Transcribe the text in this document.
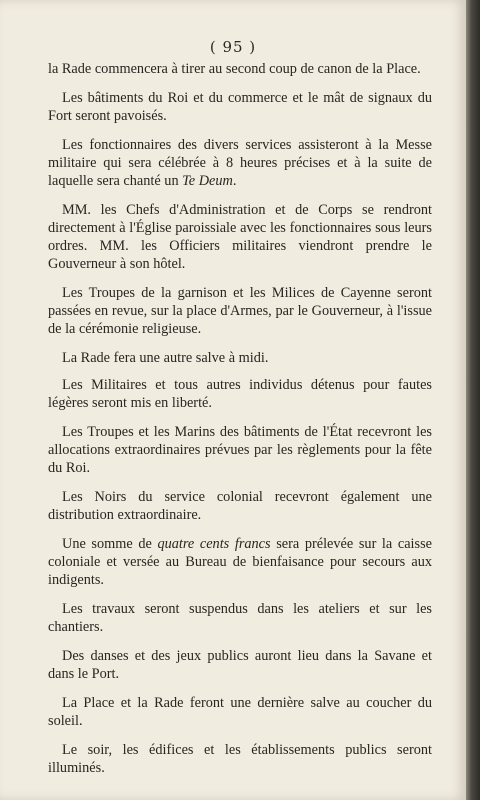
( 95 )

la Rade commencera à tirer au second coup de canon de la Place.

Les bâtiments du Roi et du commerce et le mât de signaux du Fort seront pavoisés.

Les fonctionnaires des divers services assisteront à la Messe militaire qui sera célébrée à 8 heures précises et à la suite de laquelle sera chanté un Te Deum.

MM. les Chefs d'Administration et de Corps se rendront directement à l'Église paroissiale avec les fonctionnaires sous leurs ordres. MM. les Officiers militaires viendront prendre le Gouverneur à son hôtel.

Les Troupes de la garnison et les Milices de Cayenne seront passées en revue, sur la place d'Armes, par le Gouverneur, à l'issue de la cérémonie religieuse.

La Rade fera une autre salve à midi.

Les Militaires et tous autres individus détenus pour fautes légères seront mis en liberté.

Les Troupes et les Marins des bâtiments de l'État recevront les allocations extraordinaires prévues par les règlements pour la fête du Roi.

Les Noirs du service colonial recevront également une distribution extraordinaire.

Une somme de quatre cents francs sera prélevée sur la caisse coloniale et versée au Bureau de bienfaisance pour secours aux indigents.

Les travaux seront suspendus dans les ateliers et sur les chantiers.

Des danses et des jeux publics auront lieu dans la Savane et dans le Port.

La Place et la Rade feront une dernière salve au coucher du soleil.

Le soir, les édifices et les établissements publics seront illuminés.
